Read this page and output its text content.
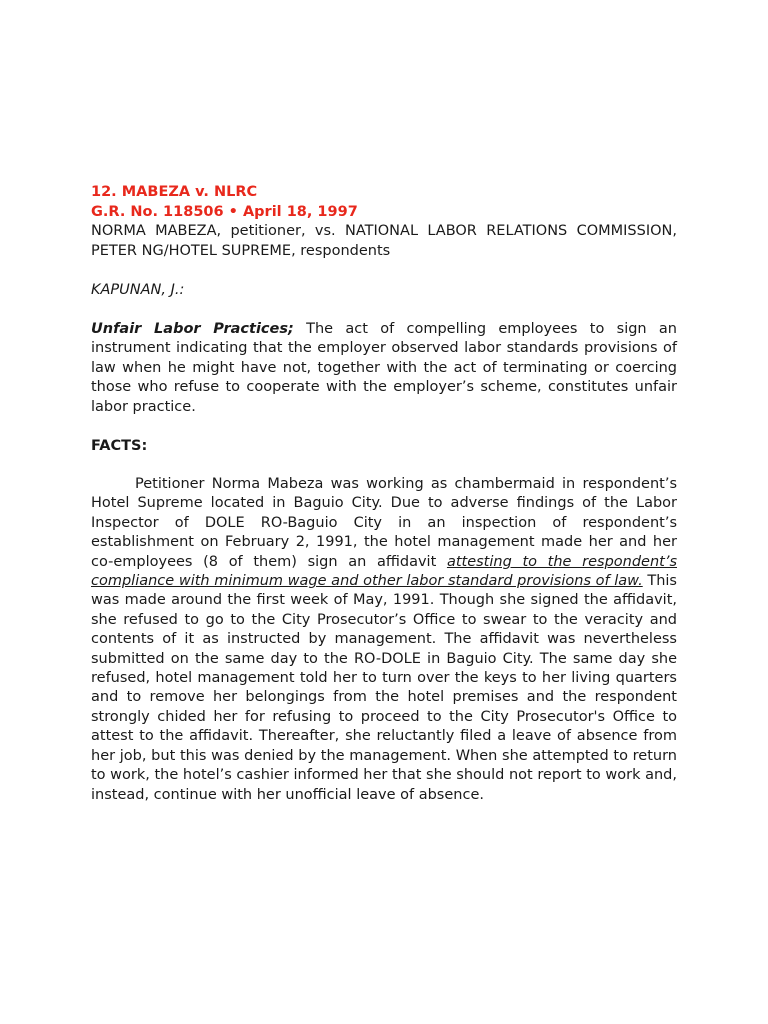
12. MABEZA v. NLRC
G.R. No. 118506 • April 18, 1997
NORMA MABEZA, petitioner, vs. NATIONAL LABOR RELATIONS COMMISSION,
PETER NG/HOTEL SUPREME, respondents
KAPUNAN, J.:
Unfair Labor Practices; The act of compelling employees to sign an instrument indicating that the employer observed labor standards provisions of law when he might have not, together with the act of terminating or coercing those who refuse to cooperate with the employer’s scheme, constitutes unfair labor practice.
FACTS:
Petitioner Norma Mabeza was working as chambermaid in respondent’s Hotel Supreme located in Baguio City. Due to adverse findings of the Labor Inspector of DOLE RO-Baguio City in an inspection of respondent’s establishment on February 2, 1991, the hotel management made her and her co-employees (8 of them) sign an affidavit attesting to the respondent’s compliance with minimum wage and other labor standard provisions of law. This was made around the first week of May, 1991. Though she signed the affidavit, she refused to go to the City Prosecutor’s Office to swear to the veracity and contents of it as instructed by management. The affidavit was nevertheless submitted on the same day to the RO-DOLE in Baguio City. The same day she refused, hotel management told her to turn over the keys to her living quarters and to remove her belongings from the hotel premises and the respondent strongly chided her for refusing to proceed to the City Prosecutor's Office to attest to the affidavit. Thereafter, she reluctantly filed a leave of absence from her job, but this was denied by the management. When she attempted to return to work, the hotel’s cashier informed her that she should not report to work and, instead, continue with her unofficial leave of absence.
